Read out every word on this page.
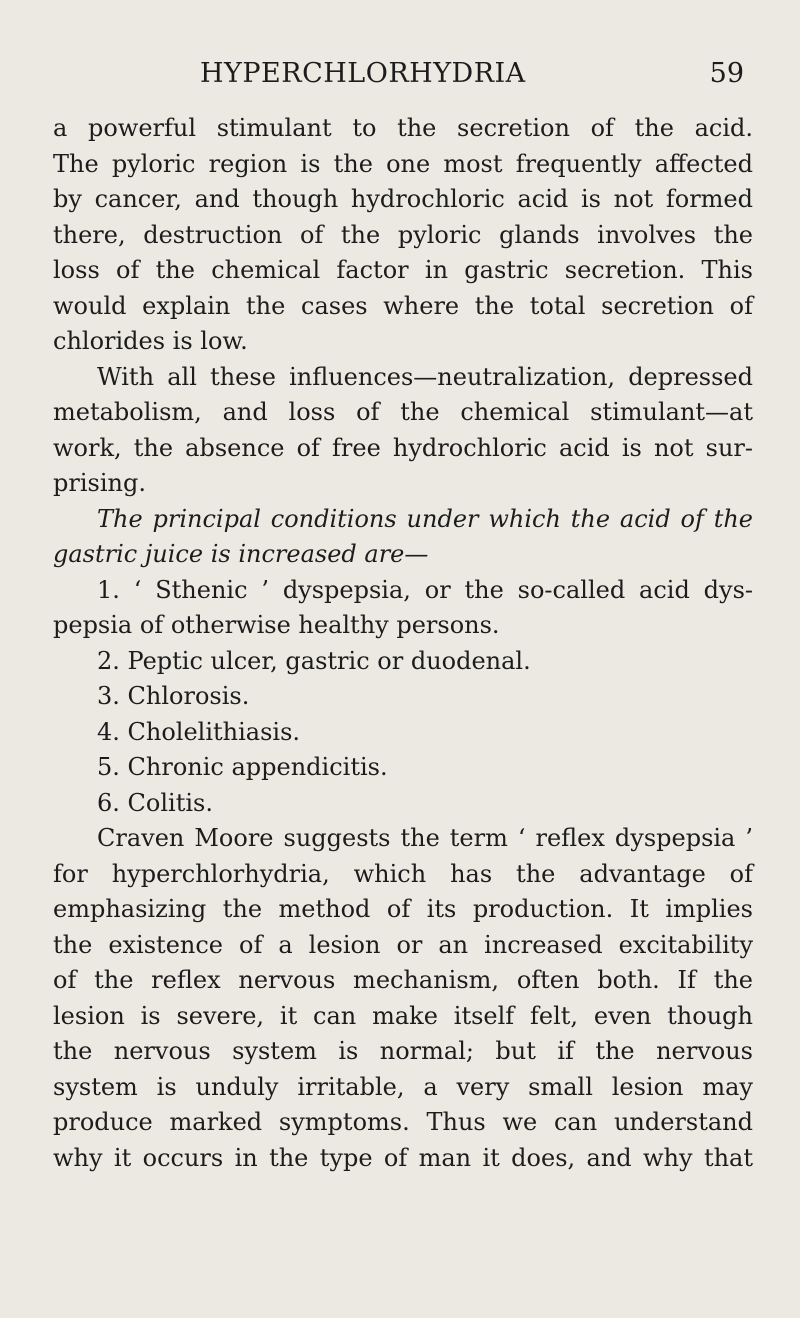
HYPERCHLORHYDRIA	59

a powerful stimulant to the secretion of the acid.
The pyloric region is the one most frequently affected
by cancer, and though hydrochloric acid is not formed
there, destruction of the pyloric glands involves the
loss of the chemical factor in gastric secretion. This
would explain the cases where the total secretion of
chlorides is low.

With all these influences—neutralization, depressed
metabolism, and loss of the chemical stimulant—at
work, the absence of free hydrochloric acid is not sur-
prising.

The principal conditions under which the acid of the
gastric juice is increased are—

1. ‘ Sthenic ’ dyspepsia, or the so-called acid dys-
pepsia of otherwise healthy persons.

2. Peptic ulcer, gastric or duodenal.

3. Chlorosis.

4. Cholelithiasis.

5. Chronic appendicitis.

6. Colitis.

Craven Moore suggests the term ‘ reflex dyspepsia ’
for hyperchlorhydria, which has the advantage of
emphasizing the method of its production. It implies
the existence of a lesion or an increased excitability
of the reflex nervous mechanism, often both. If the
lesion is severe, it can make itself felt, even though
the nervous system is normal; but if the nervous
system is unduly irritable, a very small lesion may
produce marked symptoms. Thus we can understand
why it occurs in the type of man it does, and why that
